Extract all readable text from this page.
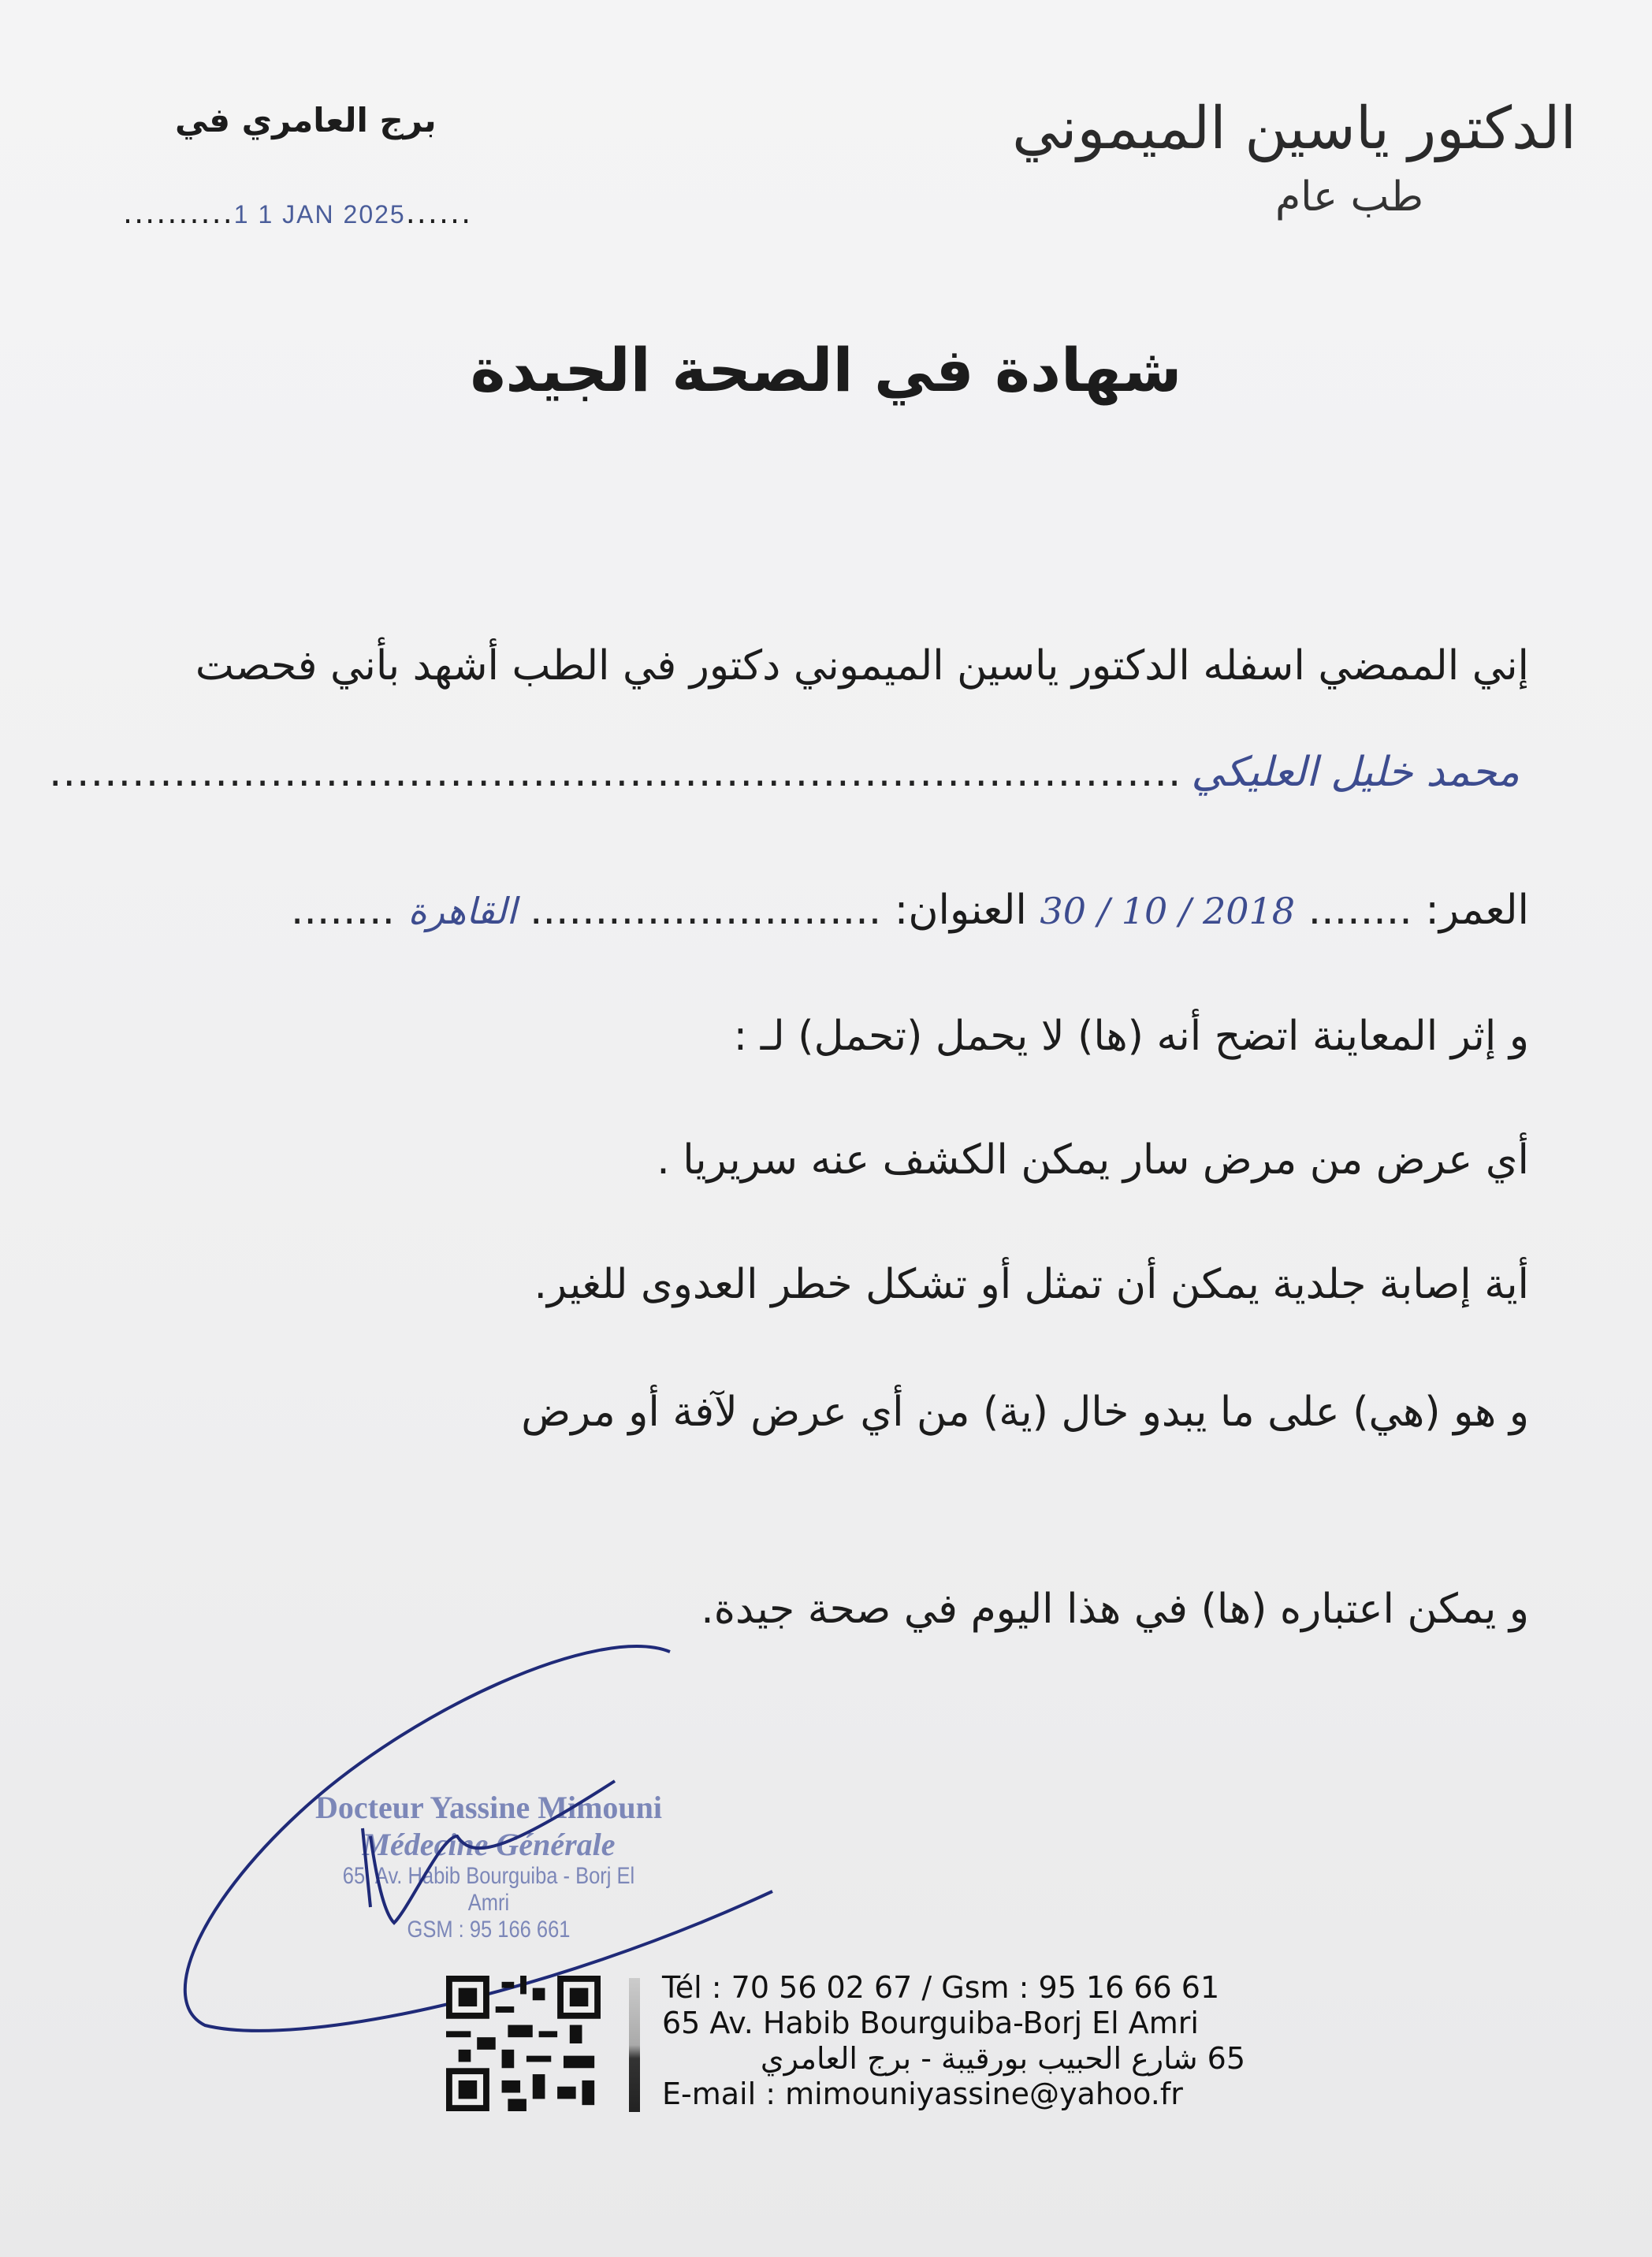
الدكتور ياسين الميموني
طب عام
برج العامري في
..........1 1 JAN 2025......
شهادة في الصحة الجيدة
إني الممضي اسفله الدكتور ياسين الميموني دكتور في الطب أشهد بأني فحصت
محمد خليل العليكي
..................................................................................
العمر: ........ 30 / 10 / 2018 العنوان: ........................... القاهرة ........
و إثر المعاينة اتضح أنه (ها) لا يحمل (تحمل) لـ :
أي عرض من مرض سار يمكن الكشف عنه سريريا .
أية إصابة جلدية يمكن أن تمثل أو تشكل خطر العدوى للغير.
و هو (هي) على ما يبدو خال (ية) من أي عرض لآفة أو مرض
و يمكن اعتباره (ها) في هذا اليوم في صحة جيدة.
Docteur Yassine Mimouni
Médecine Générale
65, Av. Habib Bourguiba - Borj El Amri
GSM : 95 166 661
Tél : 70 56 02 67 / Gsm : 95 16 66 61
65 Av. Habib Bourguiba-Borj El Amri
65 شارع الحبيب بورقيبة - برج العامري
E-mail : mimouniyassine@yahoo.fr
